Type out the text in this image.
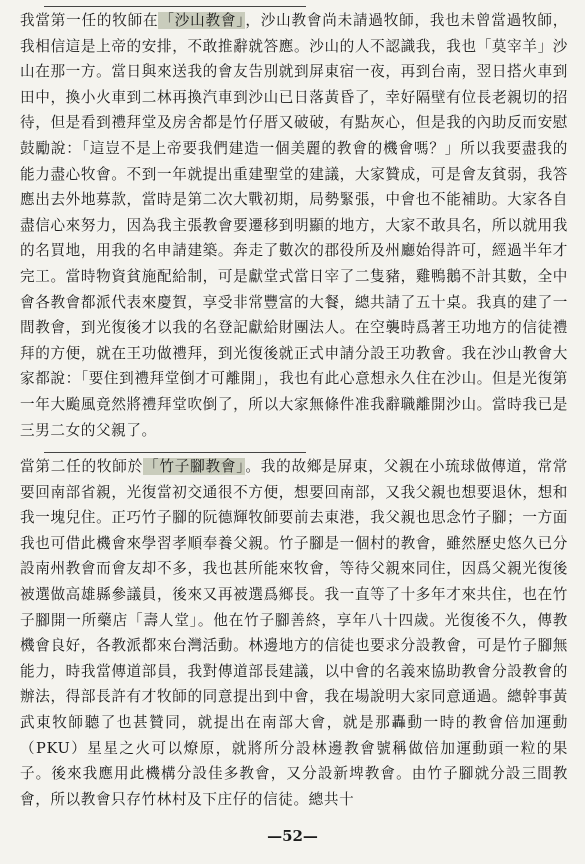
我當第一任的牧師在「沙山教會」，沙山教會尚未請過牧師，我也未曾當過牧師，我相信這是上帝的安排，不敢推辭就答應。沙山的人不認識我，我也「莫宰羊」沙山在那一方。當日與來送我的會友告別就到屏東宿一夜，再到台南，翌日搭火車到田中，換小火車到二林再換汽車到沙山已日落黃昏了，幸好隔壁有位長老親切的招待，但是看到禮拜堂及房舍都是竹仔厝又破破，有點灰心，但是我的內助反而安慰鼓勵說：「這豈不是上帝要我們建造一個美麗的教會的機會嗎？」所以我要盡我的能力盡心牧會。不到一年就提出重建聖堂的建議，大家贊成，可是會友貧弱，我答應出去外地募款，當時是第二次大戰初期，局勢緊張，中會也不能補助。大家各自盡信心來努力，因為我主張教會要遷移到明顯的地方，大家不敢具名，所以就用我的名買地，用我的名申請建築。奔走了數次的郡役所及州廳始得許可，經過半年才完工。當時物資貧施配給制，可是獻堂式當日宰了二隻豬，雞鴨鵝不計其數，全中會各教會都派代表來慶賀，享受非常豐富的大餐，總共請了五十桌。我真的建了一間教會，到光復後才以我的名登記獻給財團法人。在空襲時爲著王功地方的信徒禮拜的方便，就在王功做禮拜，到光復後就正式申請分設王功教會。我在沙山教會大家都說：「要住到禮拜堂倒才可離開」，我也有此心意想永久住在沙山。但是光復第一年大颱風竟然將禮拜堂吹倒了，所以大家無條件准我辭職離開沙山。當時我已是三男二女的父親了。

當第二任的牧師於「竹子腳教會」。我的故鄉是屏東，父親在小琉球做傳道，常常要回南部省親，光復當初交通很不方便，想要回南部，又我父親也想要退休，想和我一塊兒住。正巧竹子腳的阮德輝牧師要前去東港，我父親也思念竹子腳；一方面我也可借此機會來學習孝順奉養父親。竹子腳是一個村的教會，雖然歷史悠久已分設南州教會而會友却不多，我也甚所能來牧會，等待父親來同住，因爲父親光復後被選做高雄縣參議員，後來又再被選爲鄉長。我一直等了十多年才來共住，也在竹子腳開一所藥店「壽人堂」。他在竹子腳善終，享年八十四歲。光復後不久，傳教機會良好，各教派都來台灣活動。林邊地方的信徒也要求分設教會，可是竹子腳無能力，時我當傳道部員，我對傳道部長建議，以中會的名義來協助教會分設教會的辦法，得部長許有才牧師的同意提出到中會，我在場說明大家同意通過。總幹事黃武東牧師聽了也甚贊同，就提出在南部大會，就是那轟動一時的教會倍加運動（PKU）星星之火可以燎原，就將所分設林邊教會號稱做倍加運動頭一粒的果子。後來我應用此機構分設佳多教會，又分設新埤教會。由竹子腳就分設三間教會，所以教會只存竹林村及下庄仔的信徒。總共十

—52—
